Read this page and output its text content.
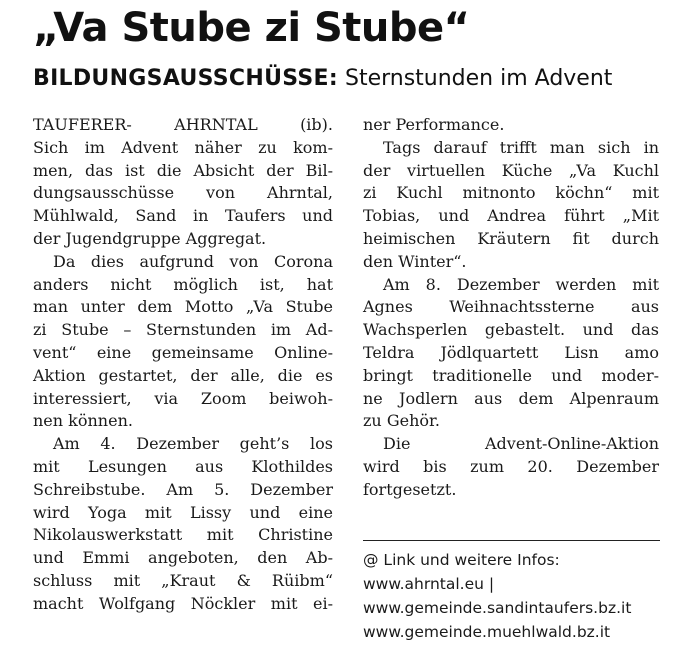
„Va Stube zi Stube“
BILDUNGSAUSSCHÜSSE: Sternstunden im Advent
TAUFERER- AHRNTAL (ib).
Sich im Advent näher zu kom-
men, das ist die Absicht der Bil-
dungsausschüsse von Ahrntal,
Mühlwald, Sand in Taufers und
der Jugendgruppe Aggregat.
Da dies aufgrund von Corona
anders nicht möglich ist, hat
man unter dem Motto „Va Stube
zi Stube – Sternstunden im Ad-
vent“ eine gemeinsame Online-
Aktion gestartet, der alle, die es
interessiert, via Zoom beiwoh-
nen können.
Am 4. Dezember geht’s los
mit Lesungen aus Klothildes
Schreibstube. Am 5. Dezember
wird Yoga mit Lissy und eine
Nikolauswerkstatt mit Christine
und Emmi angeboten, den Ab-
schluss mit „Kraut & Rüibm“
macht Wolfgang Nöckler mit ei-
ner Performance.
Tags darauf trifft man sich in
der virtuellen Küche „Va Kuchl
zi Kuchl mitnonto köchn“ mit
Tobias, und Andrea führt „Mit
heimischen Kräutern fit durch
den Winter“.
Am 8. Dezember werden mit
Agnes Weihnachtssterne aus
Wachsperlen gebastelt. und das
Teldra Jödlquartett Lisn amo
bringt traditionelle und moder-
ne Jodlern aus dem Alpenraum
zu Gehör.
Die Advent-Online-Aktion
wird bis zum 20. Dezember
fortgesetzt.
@ Link und weitere Infos:
www.ahrntal.eu |
www.gemeinde.sandintaufers.bz.it
www.gemeinde.muehlwald.bz.it
